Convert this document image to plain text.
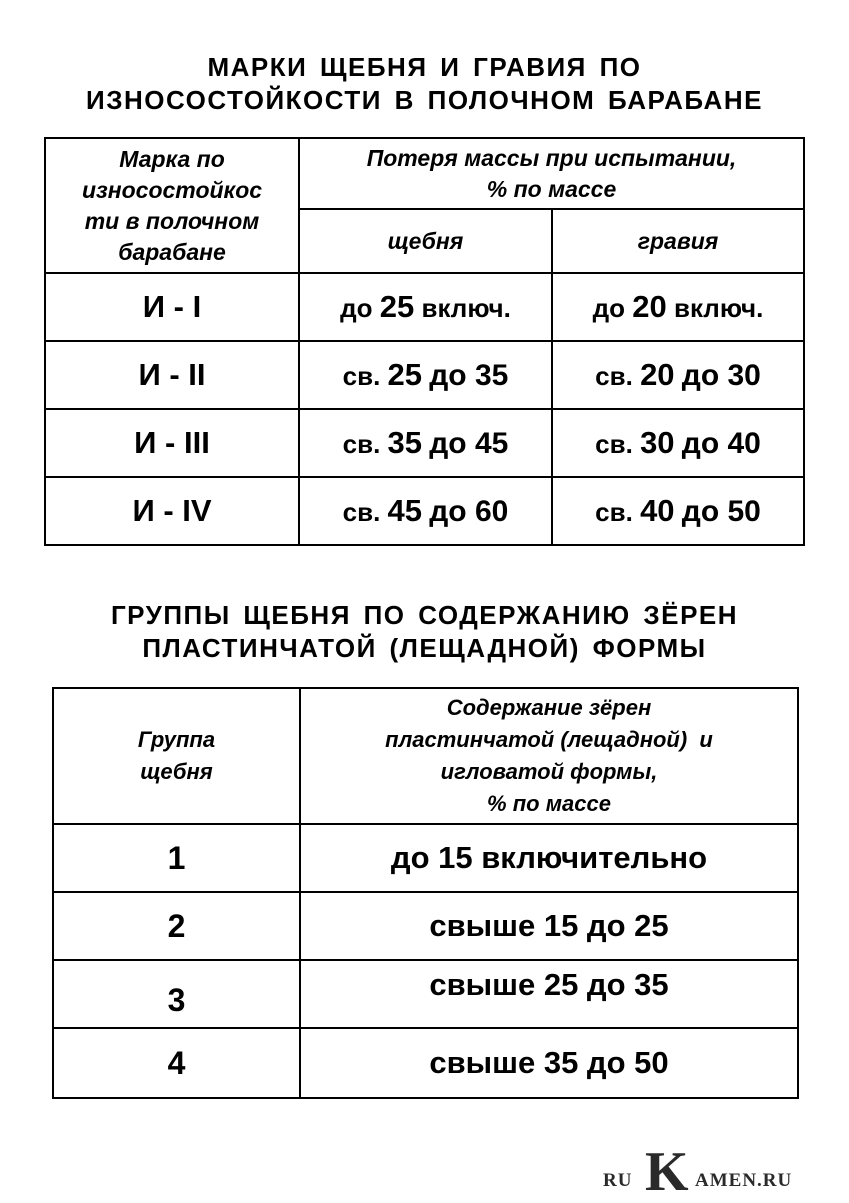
МАРКИ ЩЕБНЯ И ГРАВИЯ ПО
ИЗНОСОСТОЙКОСТИ В ПОЛОЧНОМ БАРАБАНЕ
Марка по
износостойкос
ти в полочном
барабане	Потеря массы при испытании,
% по массе	

	щебня	гравия
И - I	до 25 включ.	до 20 включ.
И - II	св. 25 до 35	св. 20 до 30
И - III	св. 35 до 45	св. 30 до 40
И - IV	св. 45 до 60	св. 40 до 50
ГРУППЫ ЩЕБНЯ ПО СОДЕРЖАНИЮ ЗЁРЕН
ПЛАСТИНЧАТОЙ (ЛЕЩАДНОЙ) ФОРМЫ
Группа
щебня	Содержание зёрен
пластинчатой (лещадной)  и
игловатой формы,
% по массе

1	до 15 включительно
2	свыше 15 до 25
3	свыше 25 до 35
4	свыше 35 до 50
RU K AMEN.RU
